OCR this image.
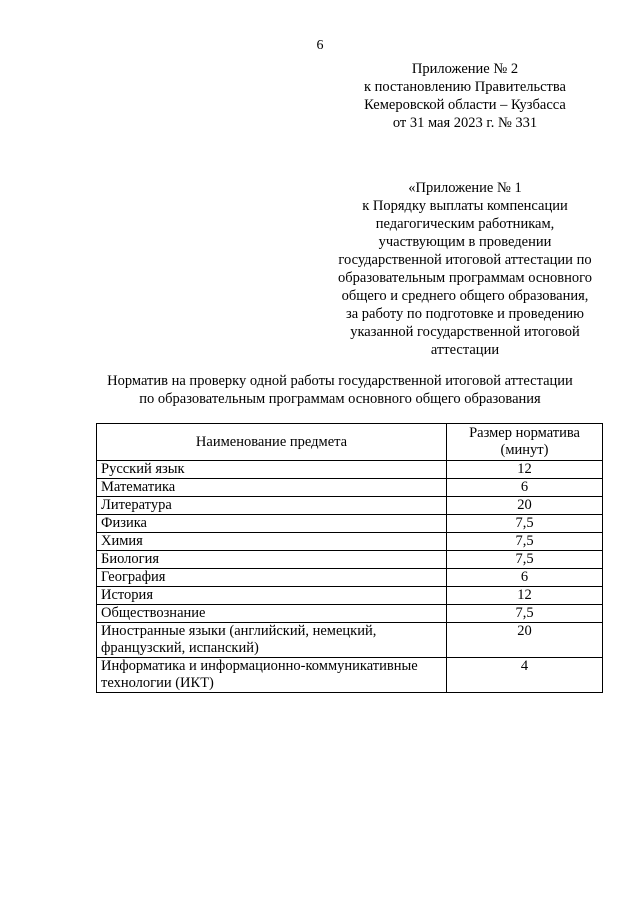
6
Приложение № 2
к постановлению Правительства
Кемеровской области – Кузбасса
от 31 мая 2023 г. № 331
«Приложение № 1
к Порядку выплаты компенсации
педагогическим работникам,
участвующим в проведении
государственной итоговой аттестации по
образовательным программам основного
общего и среднего общего образования,
за работу по подготовке и проведению
указанной государственной итоговой
аттестации
Норматив на проверку одной работы государственной итоговой аттестации
по образовательным программам основного общего образования
Наименование предмета	Размер норматива
(минут)

Русский язык	12
Математика	6
Литература	20
Физика	7,5
Химия	7,5
Биология	7,5
География	6
История	12
Обществознание	7,5

Иностранные языки (английский, немецкий,
французский, испанский)	20

Информатика и информационно-коммуникативные
технологии (ИКТ)	4
